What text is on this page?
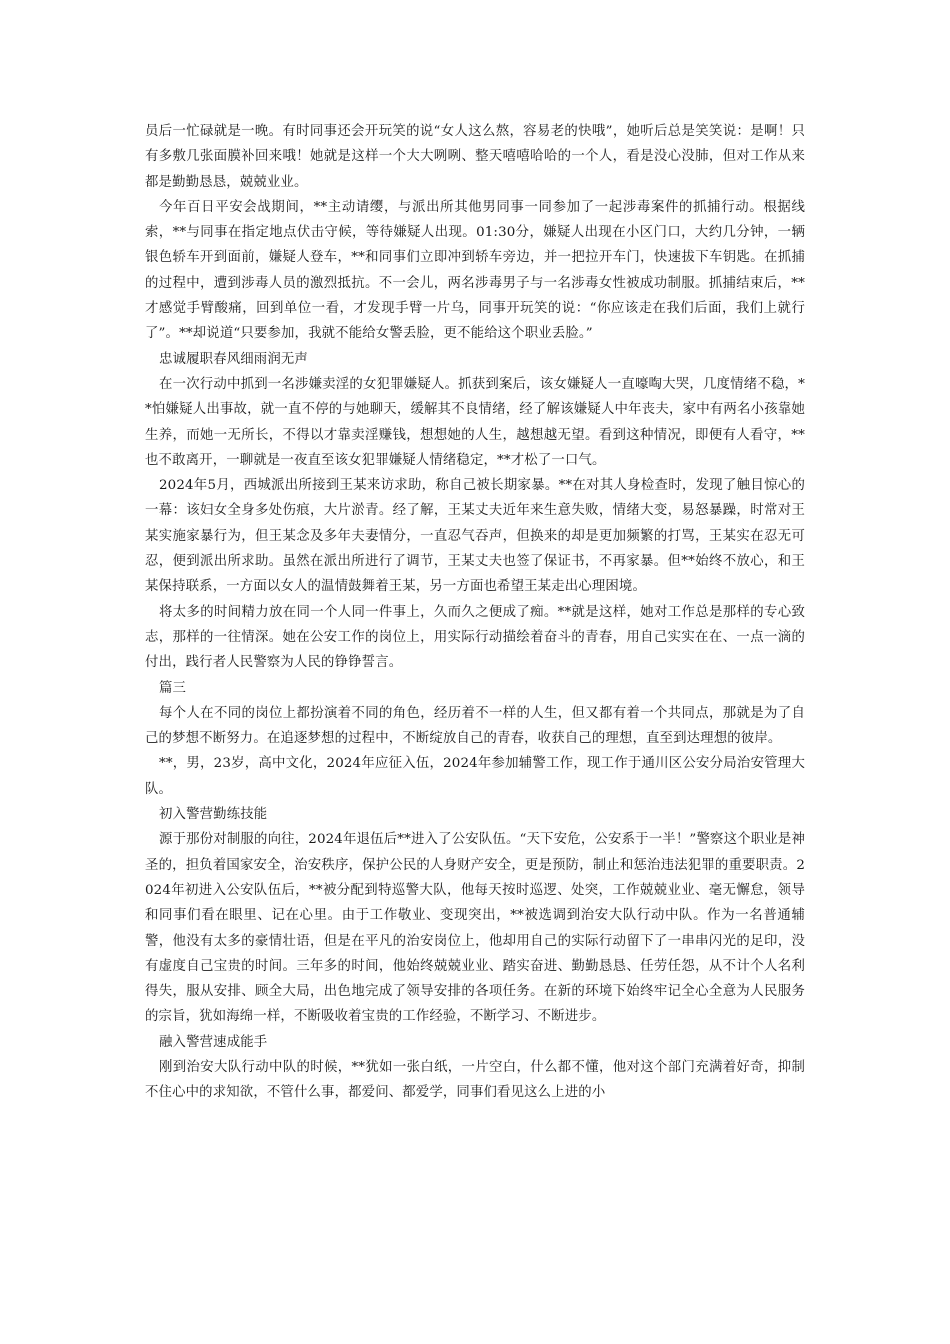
员后一忙碌就是一晚。有时同事还会开玩笑的说“女人这么熬，容易老的快哦”，她听后总是笑笑说：是啊！只有多敷几张面膜补回来哦！她就是这样一个大大咧咧、整天嘻嘻哈哈的一个人，看是没心没肺，但对工作从来都是勤勤恳恳，兢兢业业。

今年百日平安会战期间，**主动请缨，与派出所其他男同事一同参加了一起涉毒案件的抓捕行动。根据线索，**与同事在指定地点伏击守候，等待嫌疑人出现。01:30分，嫌疑人出现在小区门口，大约几分钟，一辆银色轿车开到面前，嫌疑人登车，**和同事们立即冲到轿车旁边，并一把拉开车门，快速拔下车钥匙。在抓捕的过程中，遭到涉毒人员的激烈抵抗。不一会儿，两名涉毒男子与一名涉毒女性被成功制服。抓捕结束后，**才感觉手臂酸痛，回到单位一看，才发现手臂一片乌，同事开玩笑的说：“你应该走在我们后面，我们上就行了”。**却说道“只要参加，我就不能给女警丢脸，更不能给这个职业丢脸。”

忠诚履职春风细雨润无声

在一次行动中抓到一名涉嫌卖淫的女犯罪嫌疑人。抓获到案后，该女嫌疑人一直嚎啕大哭，几度情绪不稳，**怕嫌疑人出事故，就一直不停的与她聊天，缓解其不良情绪，经了解该嫌疑人中年丧夫，家中有两名小孩靠她生养，而她一无所长，不得以才靠卖淫赚钱，想想她的人生，越想越无望。看到这种情况，即便有人看守，**也不敢离开，一聊就是一夜直至该女犯罪嫌疑人情绪稳定，**才松了一口气。

2024年5月，西城派出所接到王某来访求助，称自己被长期家暴。**在对其人身检查时，发现了触目惊心的一幕：该妇女全身多处伤痕，大片淤青。经了解，王某丈夫近年来生意失败，情绪大变，易怒暴躁，时常对王某实施家暴行为，但王某念及多年夫妻情分，一直忍气吞声，但换来的却是更加频繁的打骂，王某实在忍无可忍，便到派出所求助。虽然在派出所进行了调节，王某丈夫也签了保证书，不再家暴。但**始终不放心，和王某保持联系，一方面以女人的温情鼓舞着王某，另一方面也希望王某走出心理困境。

将太多的时间精力放在同一个人同一件事上，久而久之便成了痴。**就是这样，她对工作总是那样的专心致志，那样的一往情深。她在公安工作的岗位上，用实际行动描绘着奋斗的青春，用自己实实在在、一点一滴的付出，践行者人民警察为人民的铮铮誓言。

篇三

每个人在不同的岗位上都扮演着不同的角色，经历着不一样的人生，但又都有着一个共同点，那就是为了自己的梦想不断努力。在追逐梦想的过程中，不断绽放自己的青春，收获自己的理想，直至到达理想的彼岸。

**，男，23岁，高中文化，2024年应征入伍，2024年参加辅警工作，现工作于通川区公安分局治安管理大队。

初入警营勤练技能

源于那份对制服的向往，2024年退伍后**进入了公安队伍。“天下安危，公安系于一半！”警察这个职业是神圣的，担负着国家安全，治安秩序，保护公民的人身财产安全，更是预防，制止和惩治违法犯罪的重要职责。2024年初进入公安队伍后，**被分配到特巡警大队，他每天按时巡逻、处突，工作兢兢业业、毫无懈怠，领导和同事们看在眼里、记在心里。由于工作敬业、变现突出，**被选调到治安大队行动中队。作为一名普通辅警，他没有太多的豪情壮语，但是在平凡的治安岗位上，他却用自己的实际行动留下了一串串闪光的足印，没有虚度自己宝贵的时间。三年多的时间，他始终兢兢业业、踏实奋进、勤勤恳恳、任劳任怨，从不计个人名利得失，服从安排、顾全大局，出色地完成了领导安排的各项任务。在新的环境下始终牢记全心全意为人民服务的宗旨，犹如海绵一样，不断吸收着宝贵的工作经验，不断学习、不断进步。

融入警营速成能手

刚到治安大队行动中队的时候，**犹如一张白纸，一片空白，什么都不懂，他对这个部门充满着好奇，抑制不住心中的求知欲，不管什么事，都爱问、都爱学，同事们看见这么上进的小
